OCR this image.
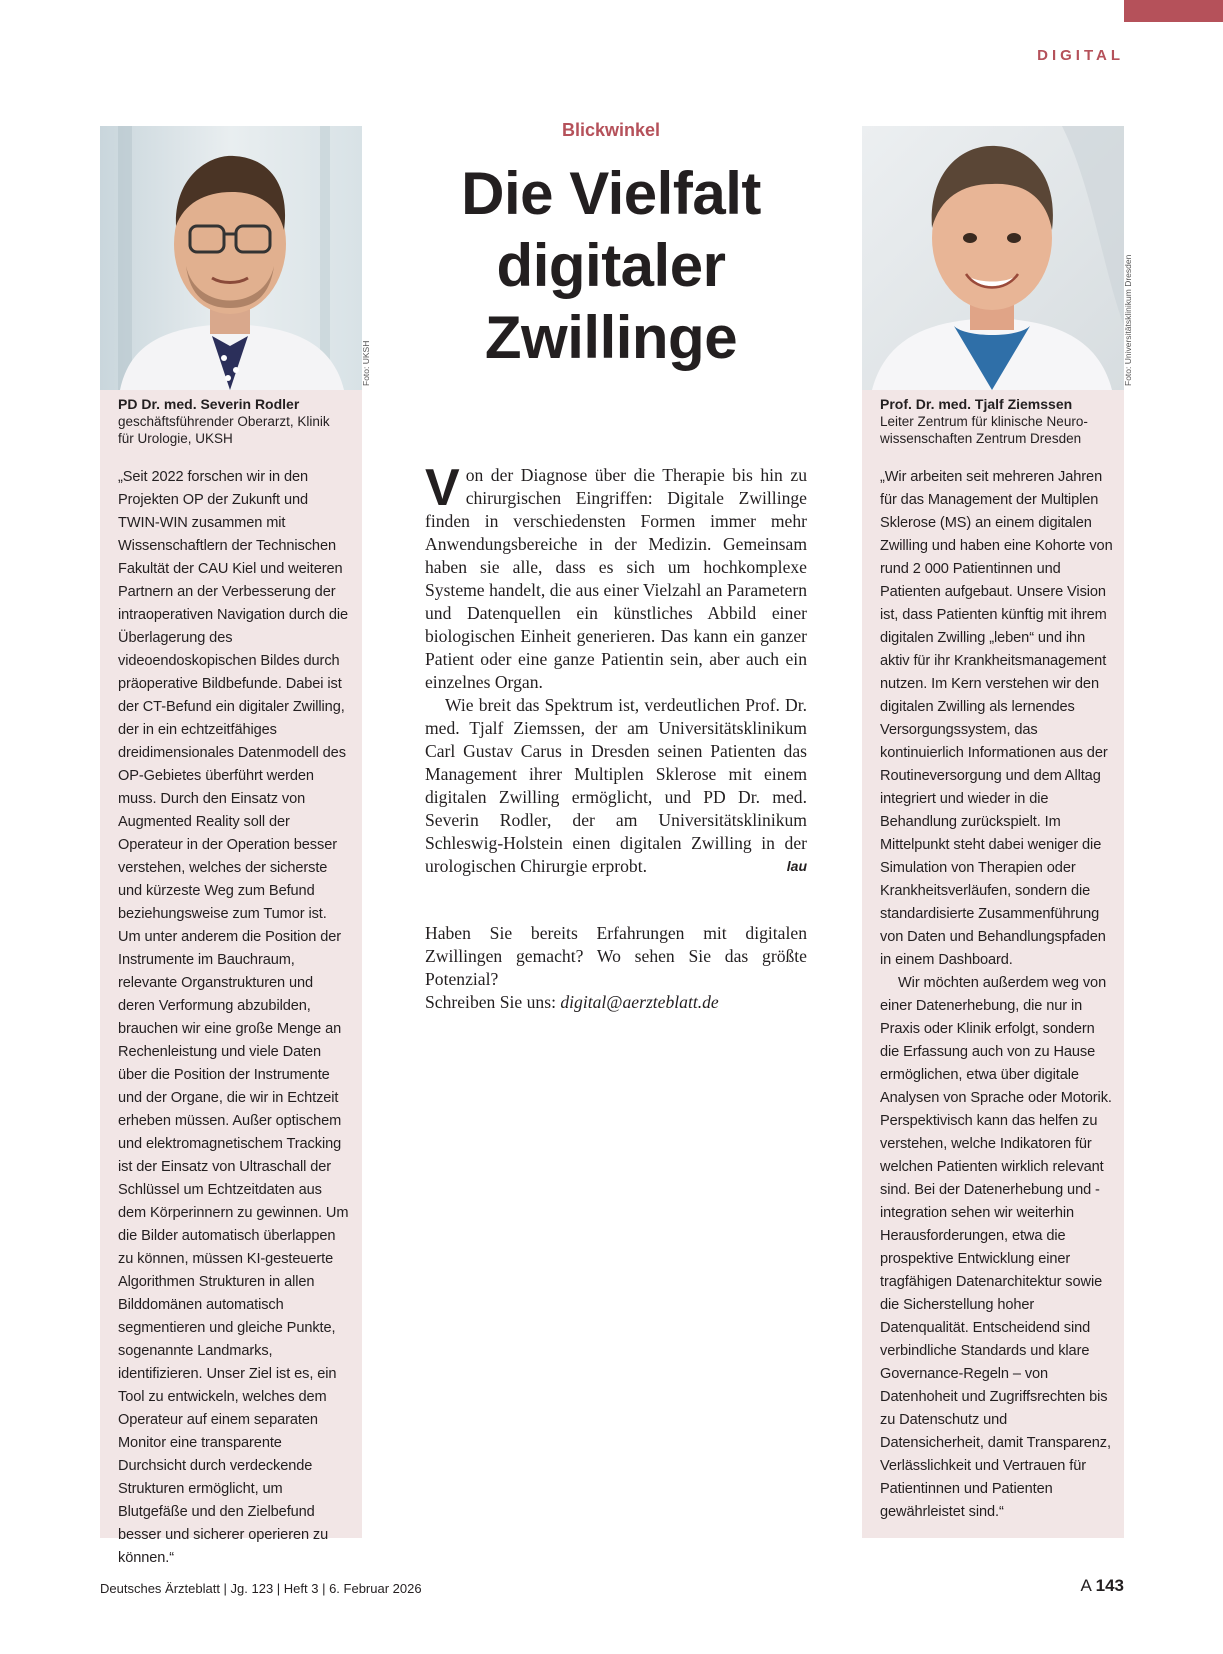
DIGITAL
PD Dr. med. Severin Rodler
geschäftsführender Oberarzt, Klinik
für Urologie, UKSH

„Seit 2022 forschen wir in den Projekten OP der Zukunft und TWIN-WIN zusammen mit Wissenschaftlern der Technischen Fakultät der CAU Kiel und weiteren Partnern an der Verbesserung der intraoperativen Navigation durch die Überlagerung des videoendoskopischen Bildes durch präoperative Bildbefunde. Dabei ist der CT-Befund ein digitaler Zwilling, der in ein echtzeitfähiges dreidimensionales Datenmodell des OP-Gebietes überführt werden muss. Durch den Einsatz von Augmented Reality soll der Operateur in der Operation besser verstehen, welches der sicherste und kürzeste Weg zum Befund beziehungsweise zum Tumor ist. Um unter anderem die Position der Instrumente im Bauchraum, relevante Organstrukturen und deren Verformung abzubilden, brauchen wir eine große Menge an Rechenleistung und viele Daten über die Position der Instrumente und der Organe, die wir in Echtzeit erheben müssen. Außer optischem und elektromagnetischem Tracking ist der Einsatz von Ultraschall der Schlüssel um Echtzeitdaten aus dem Körperinnern zu gewinnen. Um die Bilder automatisch überlappen zu können, müssen KI-gesteuerte Algorithmen Strukturen in allen Bilddomänen automatisch segmentieren und gleiche Punkte, sogenannte Landmarks, identifizieren. Unser Ziel ist es, ein Tool zu entwickeln, welches dem Operateur auf einem separaten Monitor eine transparente Durchsicht durch verdeckende Strukturen ermöglicht, um Blutgefäße und den Zielbefund besser und sicherer operieren zu können.“

Foto: UKSH
Prof. Dr. med. Tjalf Ziemssen
Leiter Zentrum für klinische Neuro-
wissenschaften Zentrum Dresden

„Wir arbeiten seit mehreren Jahren für das Management der Multiplen Sklerose (MS) an einem digitalen Zwilling und haben eine Kohorte von rund 2 000 Patientinnen und Patienten aufgebaut. Unsere Vision ist, dass Patienten künftig mit ihrem digitalen Zwilling „leben“ und ihn aktiv für ihr Krankheitsmanagement nutzen. Im Kern verstehen wir den digitalen Zwilling als lernendes Versorgungssystem, das kontinuierlich Informationen aus der Routineversorgung und dem Alltag integriert und wieder in die Behandlung zurückspielt. Im Mittelpunkt steht dabei weniger die Simulation von Therapien oder Krankheitsverläufen, sondern die standardisierte Zusammenführung von Daten und Behandlungspfaden in einem Dashboard.

Wir möchten außerdem weg von einer Datenerhebung, die nur in Praxis oder Klinik erfolgt, sondern die Erfassung auch von zu Hause ermöglichen, etwa über digitale Analysen von Sprache oder Motorik. Perspektivisch kann das helfen zu verstehen, welche Indikatoren für welchen Patienten wirklich relevant sind. Bei der Datenerhebung und -integration sehen wir weiterhin Herausforderungen, etwa die prospektive Entwicklung einer tragfähigen Datenarchitektur sowie die Sicherstellung hoher Datenqualität. Entscheidend sind verbindliche Standards und klare Governance-Regeln – von Datenhoheit und Zugriffsrechten bis zu Datenschutz und Datensicherheit, damit Transparenz, Verlässlichkeit und Vertrauen für Patientinnen und Patienten gewährleistet sind.“

Foto: Universitätsklinikum Dresden
Blickwinkel
Die Vielfalt
digitaler
Zwillinge

Von der Diagnose über die Therapie bis hin zu chirurgischen Eingriffen: Digitale Zwillinge finden in verschiedensten Formen immer mehr Anwendungsbereiche in der Medizin. Gemeinsam haben sie alle, dass es sich um hochkomplexe Systeme handelt, die aus einer Vielzahl an Parametern und Datenquellen ein künstliches Abbild einer biologischen Einheit generieren. Das kann ein ganzer Patient oder eine ganze Patientin sein, aber auch ein einzelnes Organ.

Wie breit das Spektrum ist, verdeutlichen Prof. Dr. med. Tjalf Ziemssen, der am Universitätsklinikum Carl Gustav Carus in Dresden seinen Patienten das Management ihrer Multiplen Sklerose mit einem digitalen Zwilling ermöglicht, und PD Dr. med. Severin Rodler, der am Universitätsklinikum Schleswig-Holstein einen digitalen Zwilling in der urologischen Chirurgie erprobt.	lau

Haben Sie bereits Erfahrungen mit digitalen Zwillingen gemacht? Wo sehen Sie das größte Potenzial?

Schreiben Sie uns: digital@aerzteblatt.de

Deutsches Ärzteblatt | Jg. 123 | Heft 3 | 6. Februar 2026	A 143
